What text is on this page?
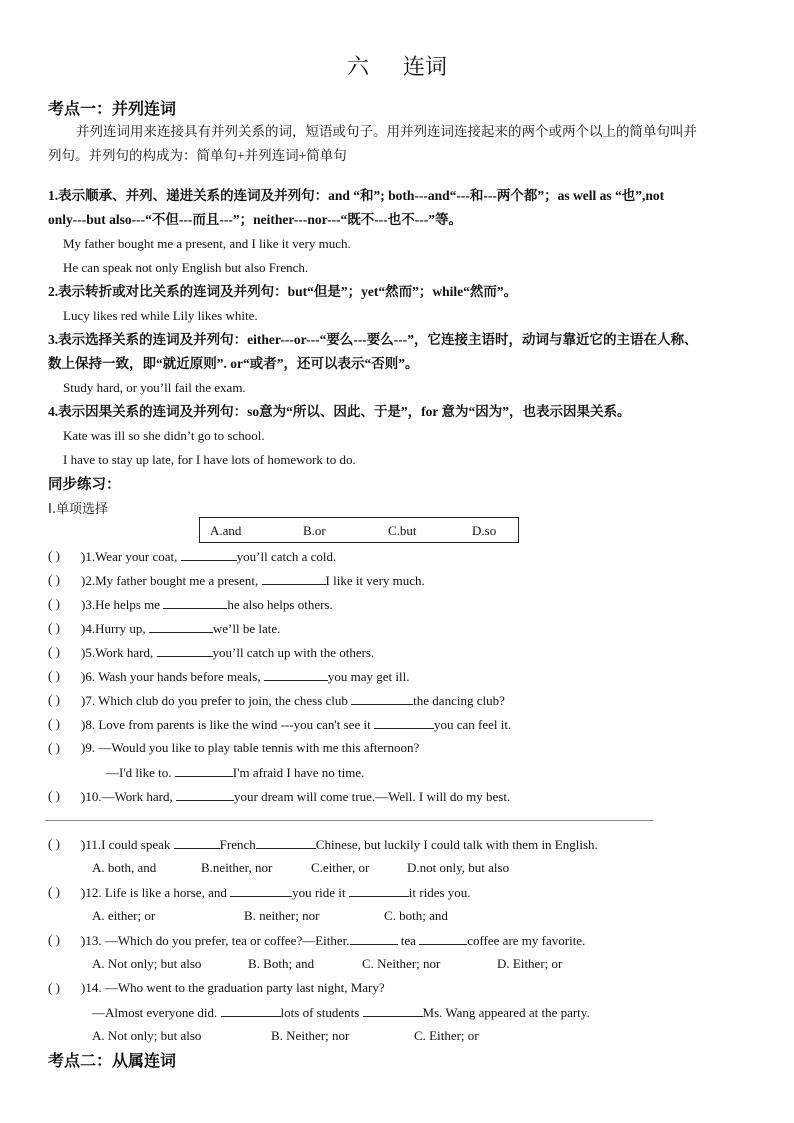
六 连词
考点一：并列连词
并列连词用来连接具有并列关系的词，短语或句子。用并列连词连接起来的两个或两个以上的简单句叫并
列句。并列句的构成为：简单句+并列连词+简单句
1.表示顺承、并列、递进关系的连词及并列句：and “和”; both---and“---和---两个都”；as well as “也”,not
only---but also---“不但---而且---”；neither---nor---“既不---也不---”等。
My father bought me a present, and I like it very much.
He can speak not only English but also French.
2.表示转折或对比关系的连词及并列句：but“但是”；yet“然而”；while“然而”。
Lucy likes red while Lily likes white.
3.表示选择关系的连词及并列句：either---or---“要么---要么---”，它连接主语时，动词与靠近它的主语在人称、
数上保持一致，即“就近原则”. or“或者”，还可以表示“否则”。
Study hard, or you’ll fail the exam.
4.表示因果关系的连词及并列句：so意为“所以、因此、于是”，for 意为“因为”，也表示因果关系。
Kate was ill so she didn’t go to school.
I have to stay up late, for I have lots of homework to do.
同步练习：
I.单项选择
A.and	B.or	C.but	D.so
( ) )1.Wear your coat,	you’ll catch a cold.
( ) )2.My father bought me a present,	I like it very much.
( ) )3.He helps me	he also helps others.
( ) )4.Hurry up,	we’ll be late.
( ) )5.Work hard,	you’ll catch up with the others.
( ) )6. Wash your hands before meals,	you may get ill.
( ) )7. Which club do you prefer to join, the chess club	the dancing club?
( ) )8. Love from parents is like the wind ---you can't see it	you can feel it.
( ) )9. —Would you like to play table tennis with me this afternoon?
—I'd like to.	I'm afraid I have no time.
( ) )10.—Work hard,	your dream will come true.—Well. I will do my best.
( ) )11.I could speak	French	Chinese, but luckily I could talk with them in English.
A. both, and	B.neither, nor	C.either, or	D.not only, but also
( ) )12. Life is like a horse, and	you ride it	it rides you.
A. either; or	B. neither; nor	C. both; and
( ) )13. —Which do you prefer, tea or coffee?—Either.	tea	coffee are my favorite.
A. Not only; but also	B. Both; and	C. Neither; nor	D. Either; or
( ) )14. —Who went to the graduation party last night, Mary?
—Almost everyone did.	lots of students	Ms. Wang appeared at the party.
A. Not only; but also	B. Neither; nor	C. Either; or
考点二：从属连词
